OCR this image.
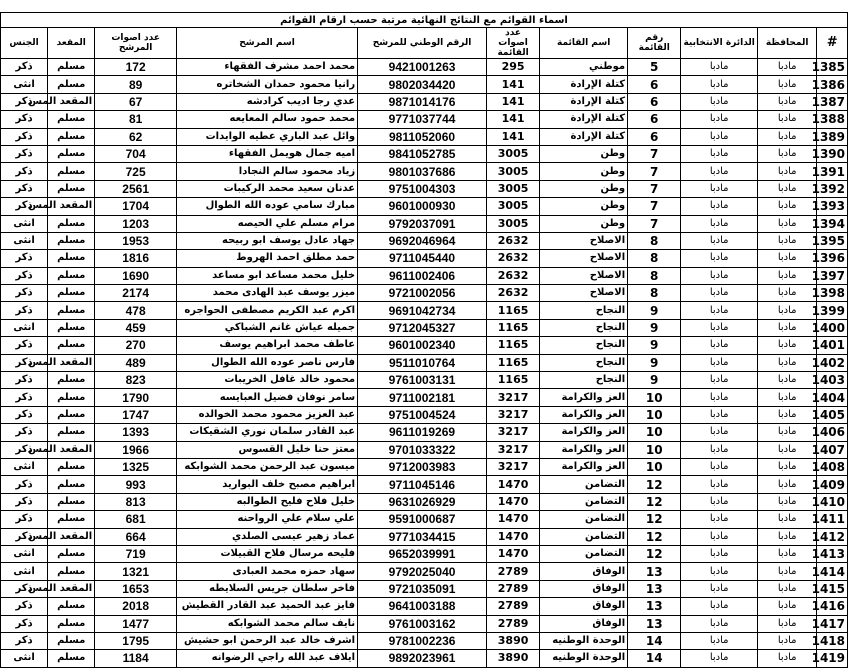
اسماء القوائم مع النتائج النهائية مرتبة حسب ارقام القوائم										
#	المحافظة	الدائرة الانتخابية	رقم القائمة	اسم القائمة	عدد اصوات القائمة	الرقم الوطني للمرشح	اسم المرشح	عدد اصوات المرشح	المقعد	الجنس
1385	مادبا	مادبا	5	موطني	295	9421001263	محمد احمد مشرف الفقهاء	172	مسلم	ذكر
1386	مادبا	مادبا	6	كتلة الإرادة	141	9802034420	رانيا محمود حمدان الشخاتره	89	مسلم	انثى
1387	مادبا	مادبا	6	كتلة الإرادة	141	9871014176	عدي رجا اديب كرادشه	67	المقعد المس	ذكر
1388	مادبا	مادبا	6	كتلة الإرادة	141	9771037744	محمد حمود سالم المعايعه	81	مسلم	ذكر
1389	مادبا	مادبا	6	كتلة الإرادة	141	9811052060	وائل عبد الباري عطيه الوايدات	62	مسلم	ذكر
1390	مادبا	مادبا	7	وطن	3005	9841052785	اميه جمال هويمل الفقهاء	704	مسلم	ذكر
1391	مادبا	مادبا	7	وطن	3005	9801037686	زياد محمود سالم النجادا	725	مسلم	ذكر
1392	مادبا	مادبا	7	وطن	3005	9751004303	عدنان سعيد محمد الركيبات	2561	مسلم	ذكر
1393	مادبا	مادبا	7	وطن	3005	9601000930	مبارك سامي عوده الله الطوال	1704	المقعد المس	ذكر
1394	مادبا	مادبا	7	وطن	3005	9792037091	مرام مسلم علي الحيصه	1203	مسلم	انثى
1395	مادبا	مادبا	8	الاصلاح	2632	9692046964	جهاد عادل يوسف ابو ربيحه	1953	مسلم	انثى
1396	مادبا	مادبا	8	الاصلاح	2632	9711045440	حمد مطلق احمد الهروط	1816	مسلم	ذكر
1397	مادبا	مادبا	8	الاصلاح	2632	9611002406	خليل محمد مساعد ابو مساعد	1690	مسلم	ذكر
1398	مادبا	مادبا	8	الاصلاح	2632	9721002056	ميزر يوسف عبد الهادى محمد	2174	مسلم	ذكر
1399	مادبا	مادبا	9	النجاح	1165	9691042734	اكرم عبد الكريم مصطفى الحواجره	478	مسلم	ذكر
1400	مادبا	مادبا	9	النجاح	1165	9712045327	جميله عياش غانم الشباكي	459	مسلم	انثى
1401	مادبا	مادبا	9	النجاح	1165	9601002340	عاطف محمد ابراهيم يوسف	270	مسلم	ذكر
1402	مادبا	مادبا	9	النجاح	1165	9511010764	فارس ناصر عوده الله الطوال	489	المقعد المس	ذكر
1403	مادبا	مادبا	9	النجاح	1165	9761003131	محمود خالد غافل الخريبات	823	مسلم	ذكر
1404	مادبا	مادبا	10	العز والكرامة	3217	9711002181	سامر نوفان فضيل العبايسه	1790	مسلم	ذكر
1405	مادبا	مادبا	10	العز والكرامة	3217	9751004524	عبد العزيز محمود محمد الخوالده	1747	مسلم	ذكر
1406	مادبا	مادبا	10	العز والكرامة	3217	9611019269	عبد القادر سلمان نوري الشقيكات	1393	مسلم	ذكر
1407	مادبا	مادبا	10	العز والكرامة	3217	9701033322	معتز حنا خليل القسوس	1966	المقعد المس	ذكر
1408	مادبا	مادبا	10	العز والكرامة	3217	9712003983	ميسون عبد الرحمن محمد الشوابكه	1325	مسلم	انثى
1409	مادبا	مادبا	12	التضامن	1470	9711045146	ابراهيم مصبح خلف البواريد	993	مسلم	ذكر
1410	مادبا	مادبا	12	التضامن	1470	9631026929	خليل فلاح فليح الطوالبه	813	مسلم	ذكر
1411	مادبا	مادبا	12	التضامن	1470	9591000687	علي سلام علي الرواحنه	681	مسلم	ذكر
1412	مادبا	مادبا	12	التضامن	1470	9771034415	عماد زهير عيسى الصلدي	664	المقعد المس	ذكر
1413	مادبا	مادبا	12	التضامن	1470	9652039991	فليحه مرسال فلاح القبيلات	719	مسلم	انثى
1414	مادبا	مادبا	13	الوفاق	2789	9792025040	سهاد حمزه محمد العبادى	1321	مسلم	انثى
1415	مادبا	مادبا	13	الوفاق	2789	9721035091	فاخر سلطان جريس السلايطه	1653	المقعد المس	ذكر
1416	مادبا	مادبا	13	الوفاق	2789	9641003188	فايز عبد الحميد عبد القادر القطيش	2018	مسلم	ذكر
1417	مادبا	مادبا	13	الوفاق	2789	9761003162	نايف سالم محمد الشوابكه	1477	مسلم	ذكر
1418	مادبا	مادبا	14	الوحدة الوطنيه	3890	9781002236	اشرف خالد عبد الرحمن ابو حشيش	1795	مسلم	ذكر
1419	مادبا	مادبا	14	الوحدة الوطنيه	3890	9892023961	ايلاف عبد الله راجي الرضوانه	1184	مسلم	انثى
